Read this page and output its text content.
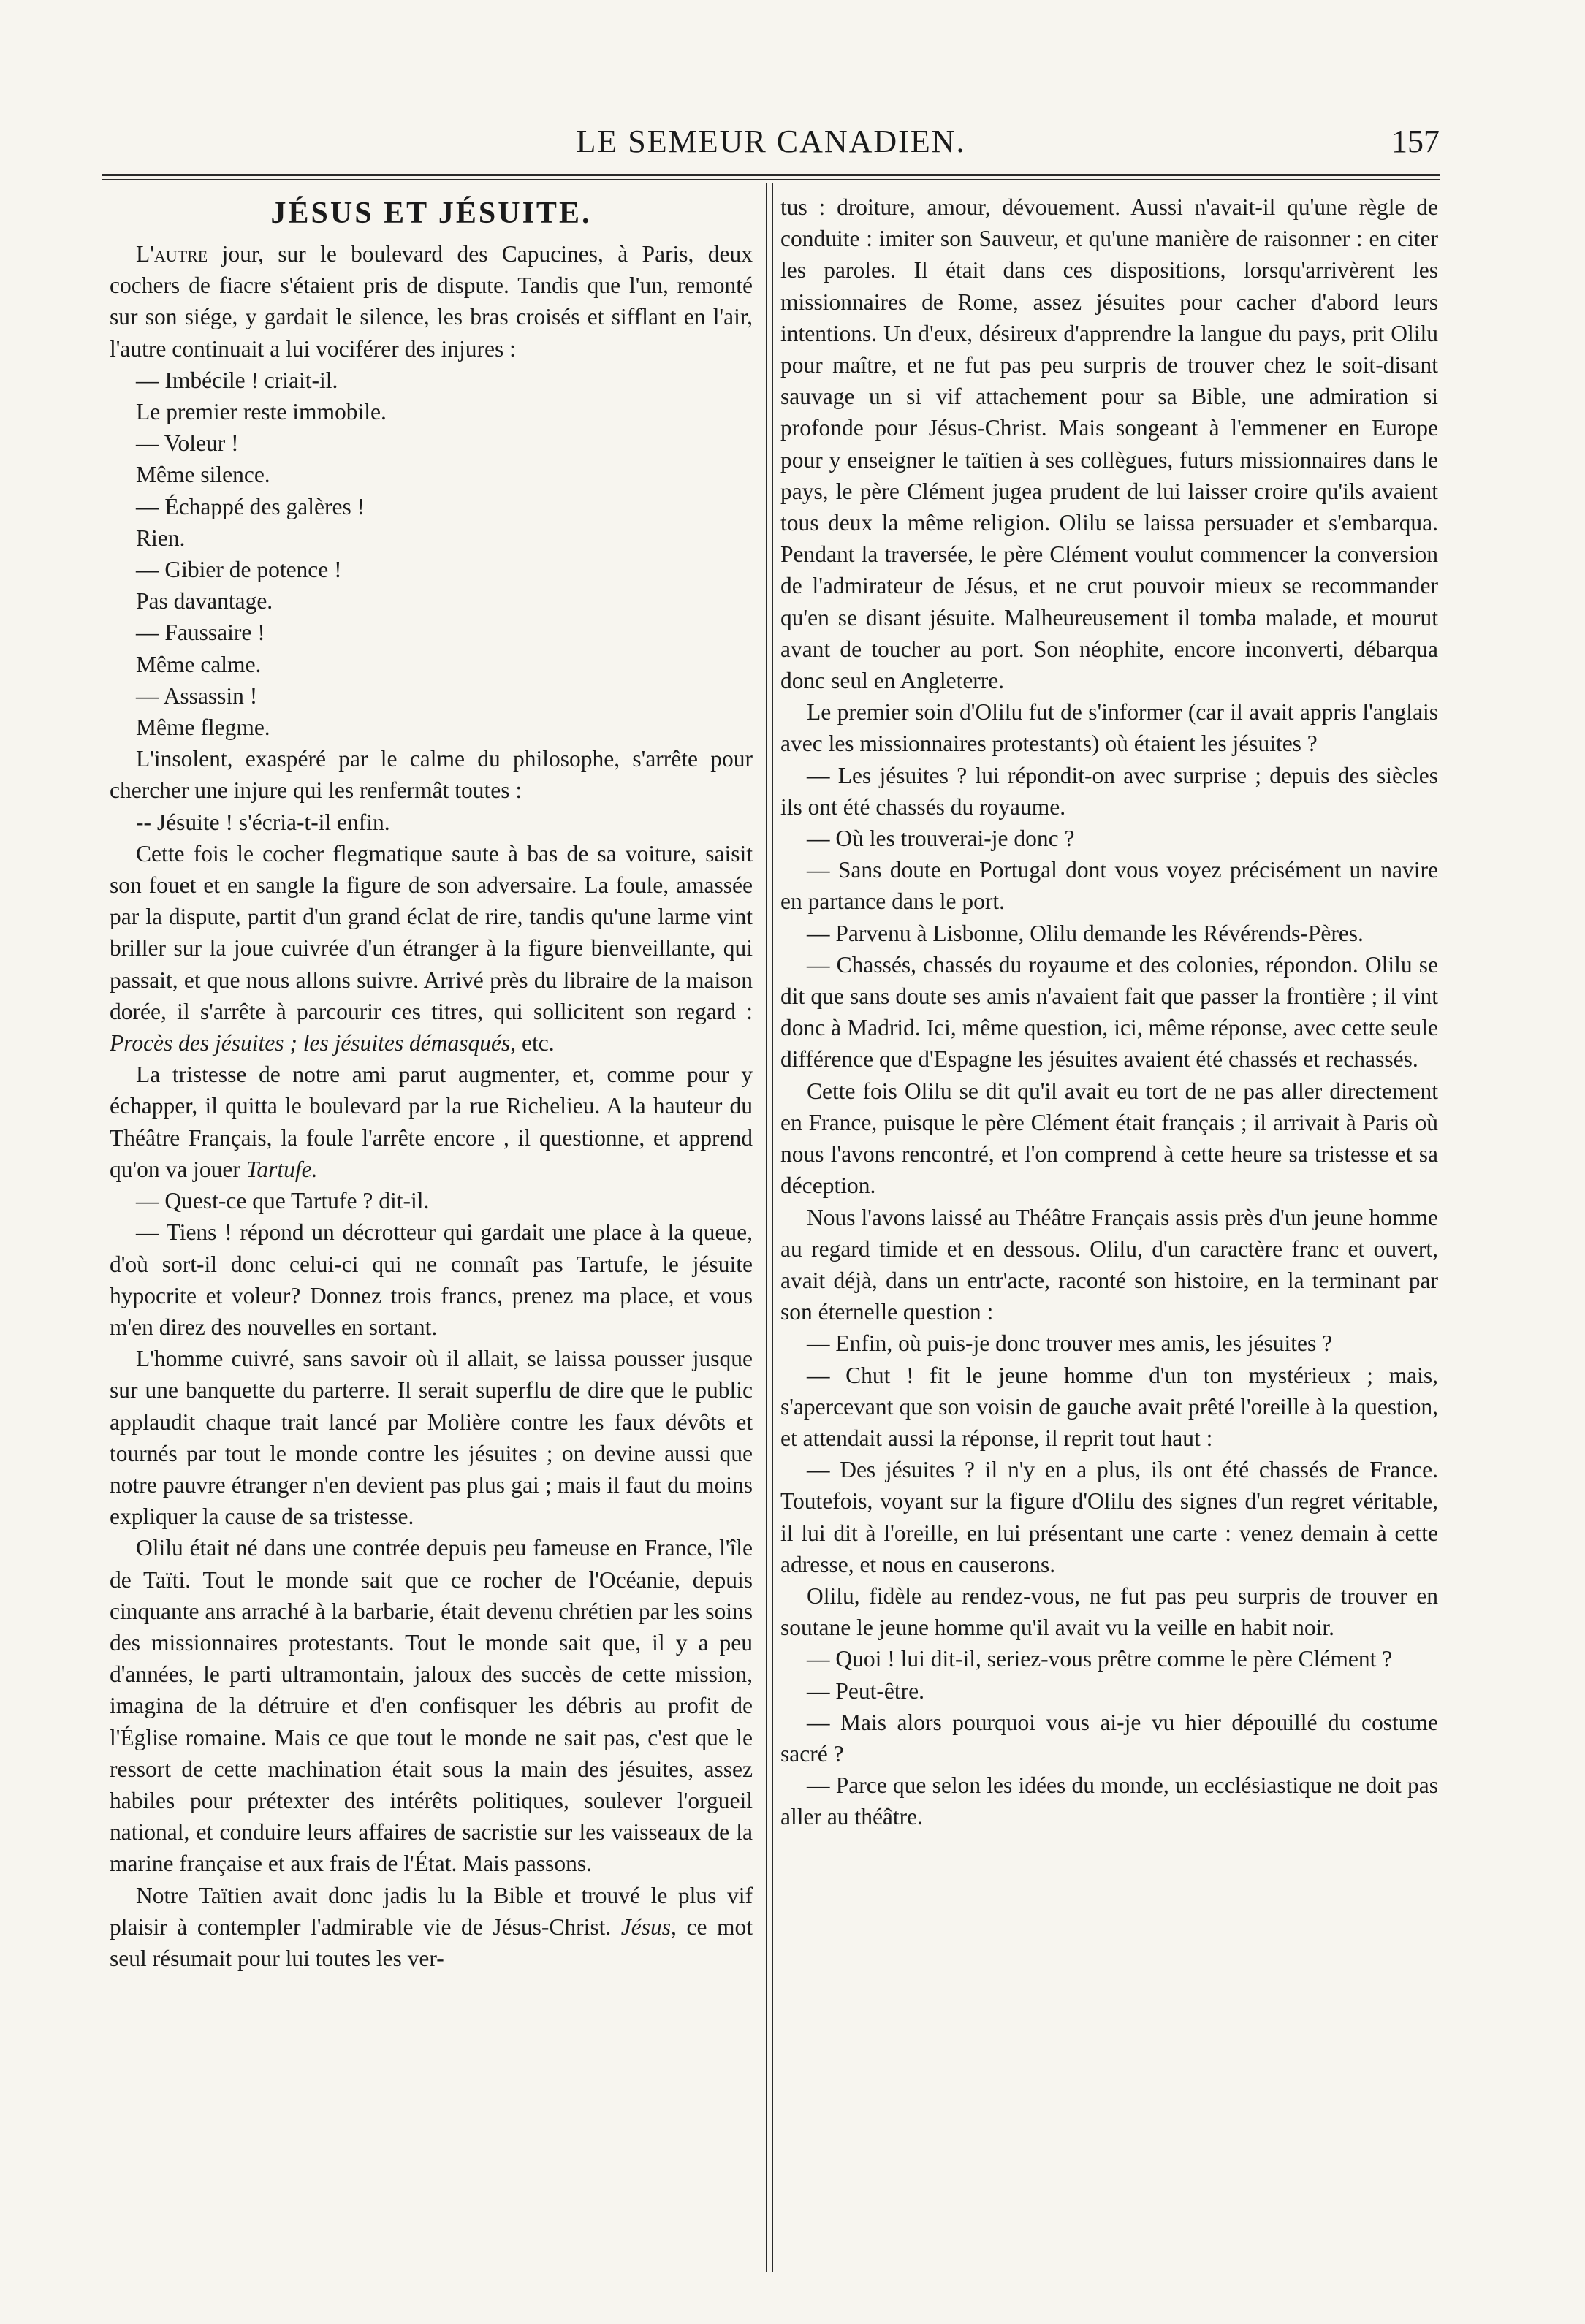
LE SEMEUR CANADIEN.	157
JÉSUS ET JÉSUITE.

L'autre jour, sur le boulevard des Capucines, à Paris, deux cochers de fiacre s'étaient pris de dispute. Tandis que l'un, remonté sur son siége, y gardait le silence, les bras croisés et sifflant en l'air, l'autre continuait a lui vociférer des injures :

— Imbécile ! criait-il.

Le premier reste immobile.

— Voleur !

Même silence.

— Échappé des galères !

Rien.

— Gibier de potence !

Pas davantage.

— Faussaire !

Même calme.

— Assassin !

Même flegme.

L'insolent, exaspéré par le calme du philosophe, s'arrête pour chercher une injure qui les renfermât toutes :

-- Jésuite ! s'écria-t-il enfin.

Cette fois le cocher flegmatique saute à bas de sa voiture, saisit son fouet et en sangle la figure de son adversaire. La foule, amassée par la dispute, partit d'un grand éclat de rire, tandis qu'une larme vint briller sur la joue cuivrée d'un étranger à la figure bienveillante, qui passait, et que nous allons suivre. Arrivé près du libraire de la maison dorée, il s'arrête à parcourir ces titres, qui sollicitent son regard : Procès des jésuites ; les jésuites démasqués, etc.

La tristesse de notre ami parut augmenter, et, comme pour y échapper, il quitta le boulevard par la rue Richelieu. A la hauteur du Théâtre Français, la foule l'arrête encore , il questionne, et apprend qu'on va jouer Tartufe.

— Quest-ce que Tartufe ? dit-il.

— Tiens ! répond un décrotteur qui gardait une place à la queue, d'où sort-il donc celui-ci qui ne connaît pas Tartufe, le jésuite hypocrite et voleur? Donnez trois francs, prenez ma place, et vous m'en direz des nouvelles en sortant.

L'homme cuivré, sans savoir où il allait, se laissa pousser jusque sur une banquette du parterre. Il serait superflu de dire que le public applaudit chaque trait lancé par Molière contre les faux dévôts et tournés par tout le monde contre les jésuites ; on devine aussi que notre pauvre étranger n'en devient pas plus gai ; mais il faut du moins expliquer la cause de sa tristesse.

Olilu était né dans une contrée depuis peu fameuse en France, l'île de Taïti. Tout le monde sait que ce rocher de l'Océanie, depuis cinquante ans arraché à la barbarie, était devenu chrétien par les soins des missionnaires protestants. Tout le monde sait que, il y a peu d'années, le parti ultramontain, jaloux des succès de cette mission, imagina de la détruire et d'en confisquer les débris au profit de l'Église romaine. Mais ce que tout le monde ne sait pas, c'est que le ressort de cette machination était sous la main des jésuites, assez habiles pour prétexter des intérêts politiques, soulever l'orgueil national, et conduire leurs affaires de sacristie sur les vaisseaux de la marine française et aux frais de l'État. Mais passons.

Notre Taïtien avait donc jadis lu la Bible et trouvé le plus vif plaisir à contempler l'admirable vie de Jésus-Christ. Jésus, ce mot seul résumait pour lui toutes les ver-

tus : droiture, amour, dévouement. Aussi n'avait-il qu'une règle de conduite : imiter son Sauveur, et qu'une manière de raisonner : en citer les paroles. Il était dans ces dispositions, lorsqu'arrivèrent les missionnaires de Rome, assez jésuites pour cacher d'abord leurs intentions. Un d'eux, désireux d'apprendre la langue du pays, prit Olilu pour maître, et ne fut pas peu surpris de trouver chez le soit-disant sauvage un si vif attachement pour sa Bible, une admiration si profonde pour Jésus-Christ. Mais songeant à l'emmener en Europe pour y enseigner le taïtien à ses collègues, futurs missionnaires dans le pays, le père Clément jugea prudent de lui laisser croire qu'ils avaient tous deux la même religion. Olilu se laissa persuader et s'embarqua. Pendant la traversée, le père Clément voulut commencer la conversion de l'admirateur de Jésus, et ne crut pouvoir mieux se recommander qu'en se disant jésuite. Malheureusement il tomba malade, et mourut avant de toucher au port. Son néophite, encore inconverti, débarqua donc seul en Angleterre.

Le premier soin d'Olilu fut de s'informer (car il avait appris l'anglais avec les missionnaires protestants) où étaient les jésuites ?

— Les jésuites ? lui répondit-on avec surprise ; depuis des siècles ils ont été chassés du royaume.

— Où les trouverai-je donc ?

— Sans doute en Portugal dont vous voyez précisément un navire en partance dans le port.

— Parvenu à Lisbonne, Olilu demande les Révérends-Pères.

— Chassés, chassés du royaume et des colonies, répondon. Olilu se dit que sans doute ses amis n'avaient fait que passer la frontière ; il vint donc à Madrid. Ici, même question, ici, même réponse, avec cette seule différence que d'Espagne les jésuites avaient été chassés et rechassés.

Cette fois Olilu se dit qu'il avait eu tort de ne pas aller directement en France, puisque le père Clément était français ; il arrivait à Paris où nous l'avons rencontré, et l'on comprend à cette heure sa tristesse et sa déception.

Nous l'avons laissé au Théâtre Français assis près d'un jeune homme au regard timide et en dessous. Olilu, d'un caractère franc et ouvert, avait déjà, dans un entr'acte, raconté son histoire, en la terminant par son éternelle question :

— Enfin, où puis-je donc trouver mes amis, les jésuites ?

— Chut ! fit le jeune homme d'un ton mystérieux ; mais, s'apercevant que son voisin de gauche avait prêté l'oreille à la question, et attendait aussi la réponse, il reprit tout haut :

— Des jésuites ? il n'y en a plus, ils ont été chassés de France. Toutefois, voyant sur la figure d'Olilu des signes d'un regret véritable, il lui dit à l'oreille, en lui présentant une carte : venez demain à cette adresse, et nous en causerons.

Olilu, fidèle au rendez-vous, ne fut pas peu surpris de trouver en soutane le jeune homme qu'il avait vu la veille en habit noir.

— Quoi ! lui dit-il, seriez-vous prêtre comme le père Clément ?

— Peut-être.

— Mais alors pourquoi vous ai-je vu hier dépouillé du costume sacré ?

— Parce que selon les idées du monde, un ecclésiastique ne doit pas aller au théâtre.
